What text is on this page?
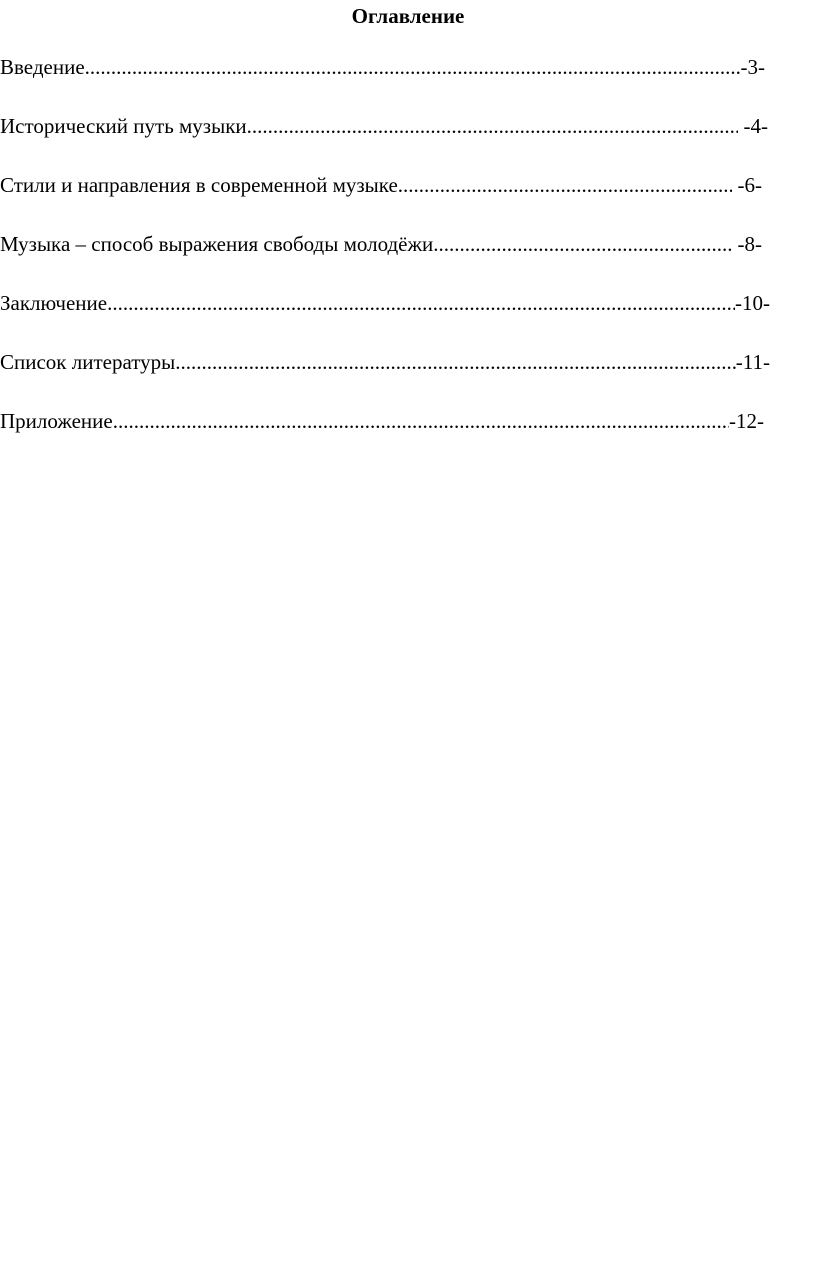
Оглавление
Введение .....	-3-
Исторический путь музыки .....	-4-
Стили и направления в современной музыке .....	-6-
Музыка – способ выражения свободы молодёжи .....	-8-
Заключение .....	-10-
Список литературы .....	-11-
Приложение .....	-12-
